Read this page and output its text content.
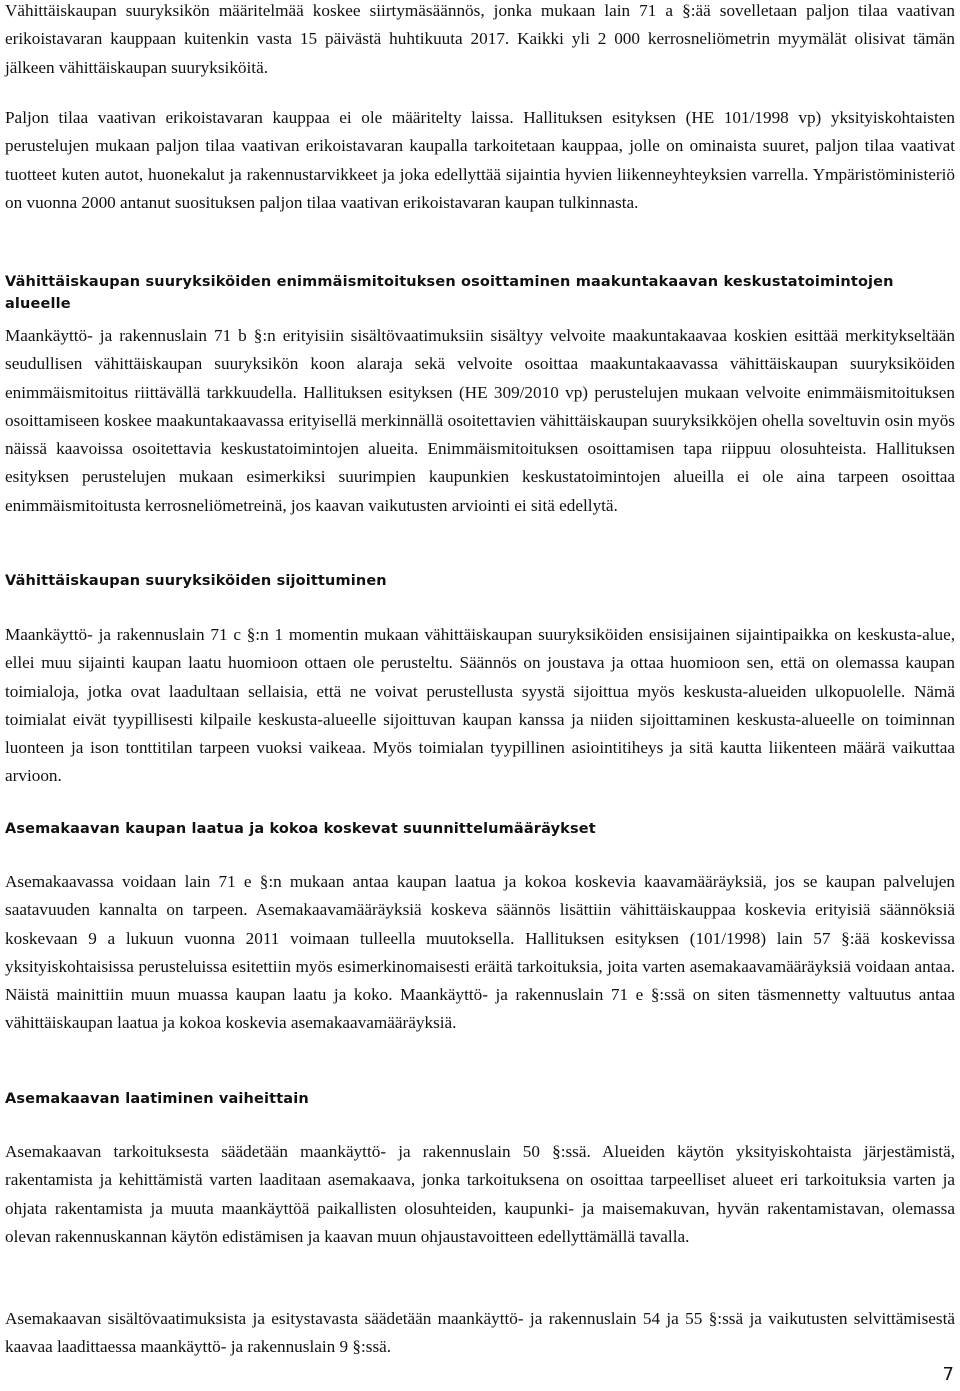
Vähittäiskaupan suuryksikön määritelmää koskee siirtymäsäännös, jonka mukaan lain 71 a §:ää sovelletaan paljon tilaa vaativan erikoistavaran kauppaan kuitenkin vasta 15 päivästä huhtikuuta 2017. Kaikki yli 2 000 kerrosneliömetrin myymälät olisivat tämän jälkeen vähittäiskaupan suuryksiköitä.

Paljon tilaa vaativan erikoistavaran kauppaa ei ole määritelty laissa. Hallituksen esityksen (HE 101/1998 vp) yksityiskohtaisten perustelujen mukaan paljon tilaa vaativan erikoistavaran kaupalla tarkoitetaan kauppaa, jolle on ominaista suuret, paljon tilaa vaativat tuotteet kuten autot, huonekalut ja rakennustarvikkeet ja joka edellyttää sijaintia hyvien liikenneyhteyksien varrella. Ympäristöministeriö on vuonna 2000 antanut suosituksen paljon tilaa vaativan erikoistavaran kaupan tulkinnasta.

Vähittäiskaupan suuryksiköiden enimmäismitoituksen osoittaminen maakuntakaavan keskustatoimintojen alueelle

Maankäyttö- ja rakennuslain 71 b §:n erityisiin sisältövaatimuksiin sisältyy velvoite maakuntakaavaa koskien esittää merkitykseltään seudullisen vähittäiskaupan suuryksikön koon alaraja sekä velvoite osoittaa maakuntakaavassa vähittäiskaupan suuryksiköiden enimmäismitoitus riittävällä tarkkuudella. Hallituksen esityksen (HE 309/2010 vp) perustelujen mukaan velvoite enimmäismitoituksen osoittamiseen koskee maakuntakaavassa erityisellä merkinnällä osoitettavien vähittäiskaupan suuryksikköjen ohella soveltuvin osin myös näissä kaavoissa osoitettavia keskustatoimintojen alueita. Enimmäismitoituksen osoittamisen tapa riippuu olosuhteista. Hallituksen esityksen perustelujen mukaan esimerkiksi suurimpien kaupunkien keskustatoimintojen alueilla ei ole aina tarpeen osoittaa enimmäismitoitusta kerrosneliömetreinä, jos kaavan vaikutusten arviointi ei sitä edellytä.

Vähittäiskaupan suuryksiköiden sijoittuminen

Maankäyttö- ja rakennuslain 71 c §:n 1 momentin mukaan vähittäiskaupan suuryksiköiden ensisijainen sijaintipaikka on keskusta-alue, ellei muu sijainti kaupan laatu huomioon ottaen ole perusteltu. Säännös on joustava ja ottaa huomioon sen, että on olemassa kaupan toimialoja, jotka ovat laadultaan sellaisia, että ne voivat perustellusta syystä sijoittua myös keskusta-alueiden ulkopuolelle. Nämä toimialat eivät tyypillisesti kilpaile keskusta-alueelle sijoittuvan kaupan kanssa ja niiden sijoittaminen keskusta-alueelle on toiminnan luonteen ja ison tonttitilan tarpeen vuoksi vaikeaa. Myös toimialan tyypillinen asiointitiheys ja sitä kautta liikenteen määrä vaikuttaa arvioon.

Asemakaavan kaupan laatua ja kokoa koskevat suunnittelumääräykset

Asemakaavassa voidaan lain 71 e §:n mukaan antaa kaupan laatua ja kokoa koskevia kaavamääräyksiä, jos se kaupan palvelujen saatavuuden kannalta on tarpeen. Asemakaavamääräyksiä koskeva säännös lisättiin vähittäiskauppaa koskevia erityisiä säännöksiä koskevaan 9 a lukuun vuonna 2011 voimaan tulleella muutoksella. Hallituksen esityksen (101/1998) lain 57 §:ää koskevissa yksityiskohtaisissa perusteluissa esitettiin myös esimerkinomaisesti eräitä tarkoituksia, joita varten asemakaavamääräyksiä voidaan antaa. Näistä mainittiin muun muassa kaupan laatu ja koko. Maankäyttö- ja rakennuslain 71 e §:ssä on siten täsmennetty valtuutus antaa vähittäiskaupan laatua ja kokoa koskevia asemakaavamääräyksiä.

Asemakaavan laatiminen vaiheittain

Asemakaavan tarkoituksesta säädetään maankäyttö- ja rakennuslain 50 §:ssä. Alueiden käytön yksityiskohtaista järjestämistä, rakentamista ja kehittämistä varten laaditaan asemakaava, jonka tarkoituksena on osoittaa tarpeelliset alueet eri tarkoituksia varten ja ohjata rakentamista ja muuta maankäyttöä paikallisten olosuhteiden, kaupunki- ja maisemakuvan, hyvän rakentamistavan, olemassa olevan rakennuskannan käytön edistämisen ja kaavan muun ohjaustavoitteen edellyttämällä tavalla.

Asemakaavan sisältövaatimuksista ja esitystavasta säädetään maankäyttö- ja rakennuslain 54 ja 55 §:ssä ja vaikutusten selvittämisestä kaavaa laadittaessa maankäyttö- ja rakennuslain 9 §:ssä.

7
